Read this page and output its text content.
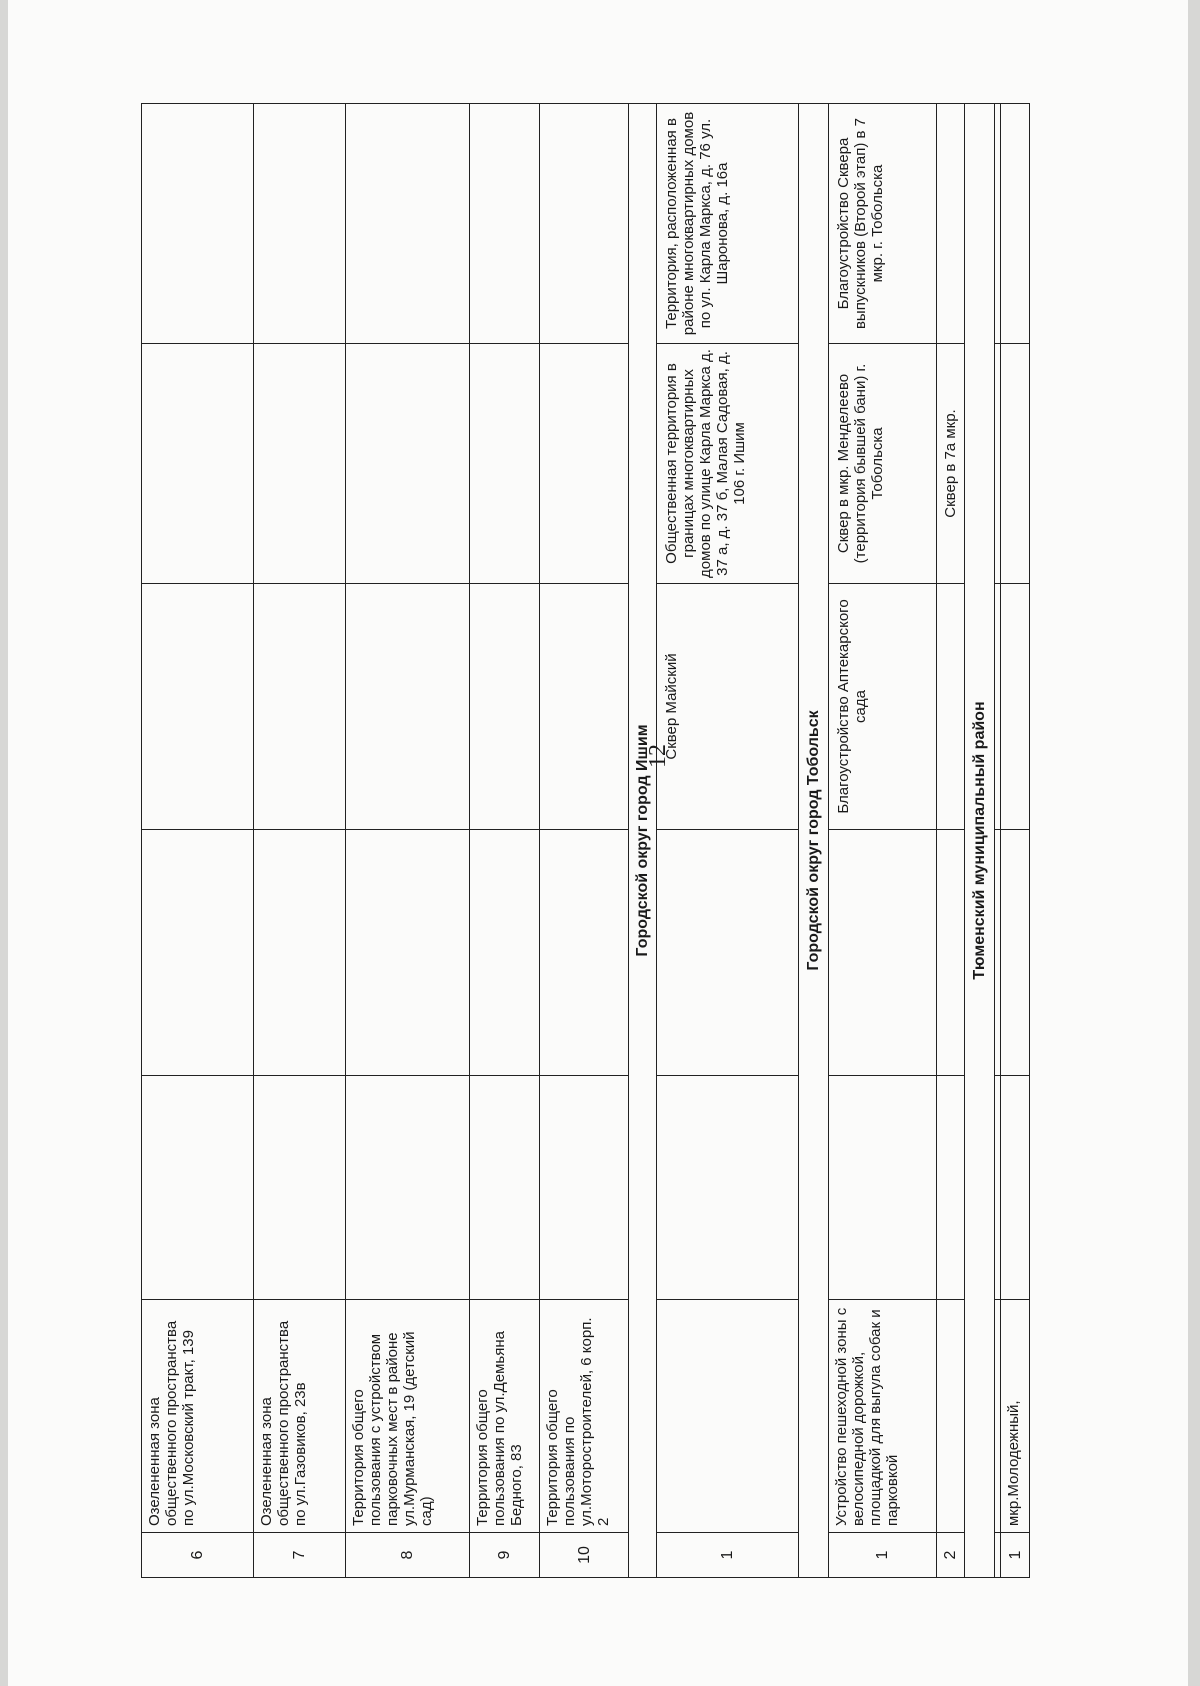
12
6	Озелененная зона общественного пространства по ул.Московский тракт, 139					
7	Озелененная зона общественного пространства по ул.Газовиков, 23в					
8	Территория общего пользования с устройством парковочных мест в районе ул.Мурманская, 19 (детский сад)					
9	Территория общего пользования по ул.Демьяна Бедного, 83					
10	Территория общего пользования по ул.Моторостроителей, 6 корп. 2					
Городской округ город Ишим						
1				Сквер Майский	Общественная территория в границах многоквартирных домов по улице Карла Маркса д. 37 а, д. 37 б, Малая Садовая, д. 106 г. Ишим	Территория, расположенная в районе многоквартирных домов по ул. Карла Маркса, д. 76 ул. Шаронова, д. 16а
Городской округ город Тобольск						
1	Устройство пешеходной зоны с велосипедной дорожкой, площадкой для выгула собак и парковкой			Благоустройство Аптекарского сада	Сквер в мкр. Менделеево (территория бывшей бани) г. Тобольска	Благоустройство Сквера выпускников (Второй этап) в 7 мкр. г. Тобольска
2					Сквер в 7а мкр.	
Тюменский муниципальный район						

1	мкр.Молодежный,					
